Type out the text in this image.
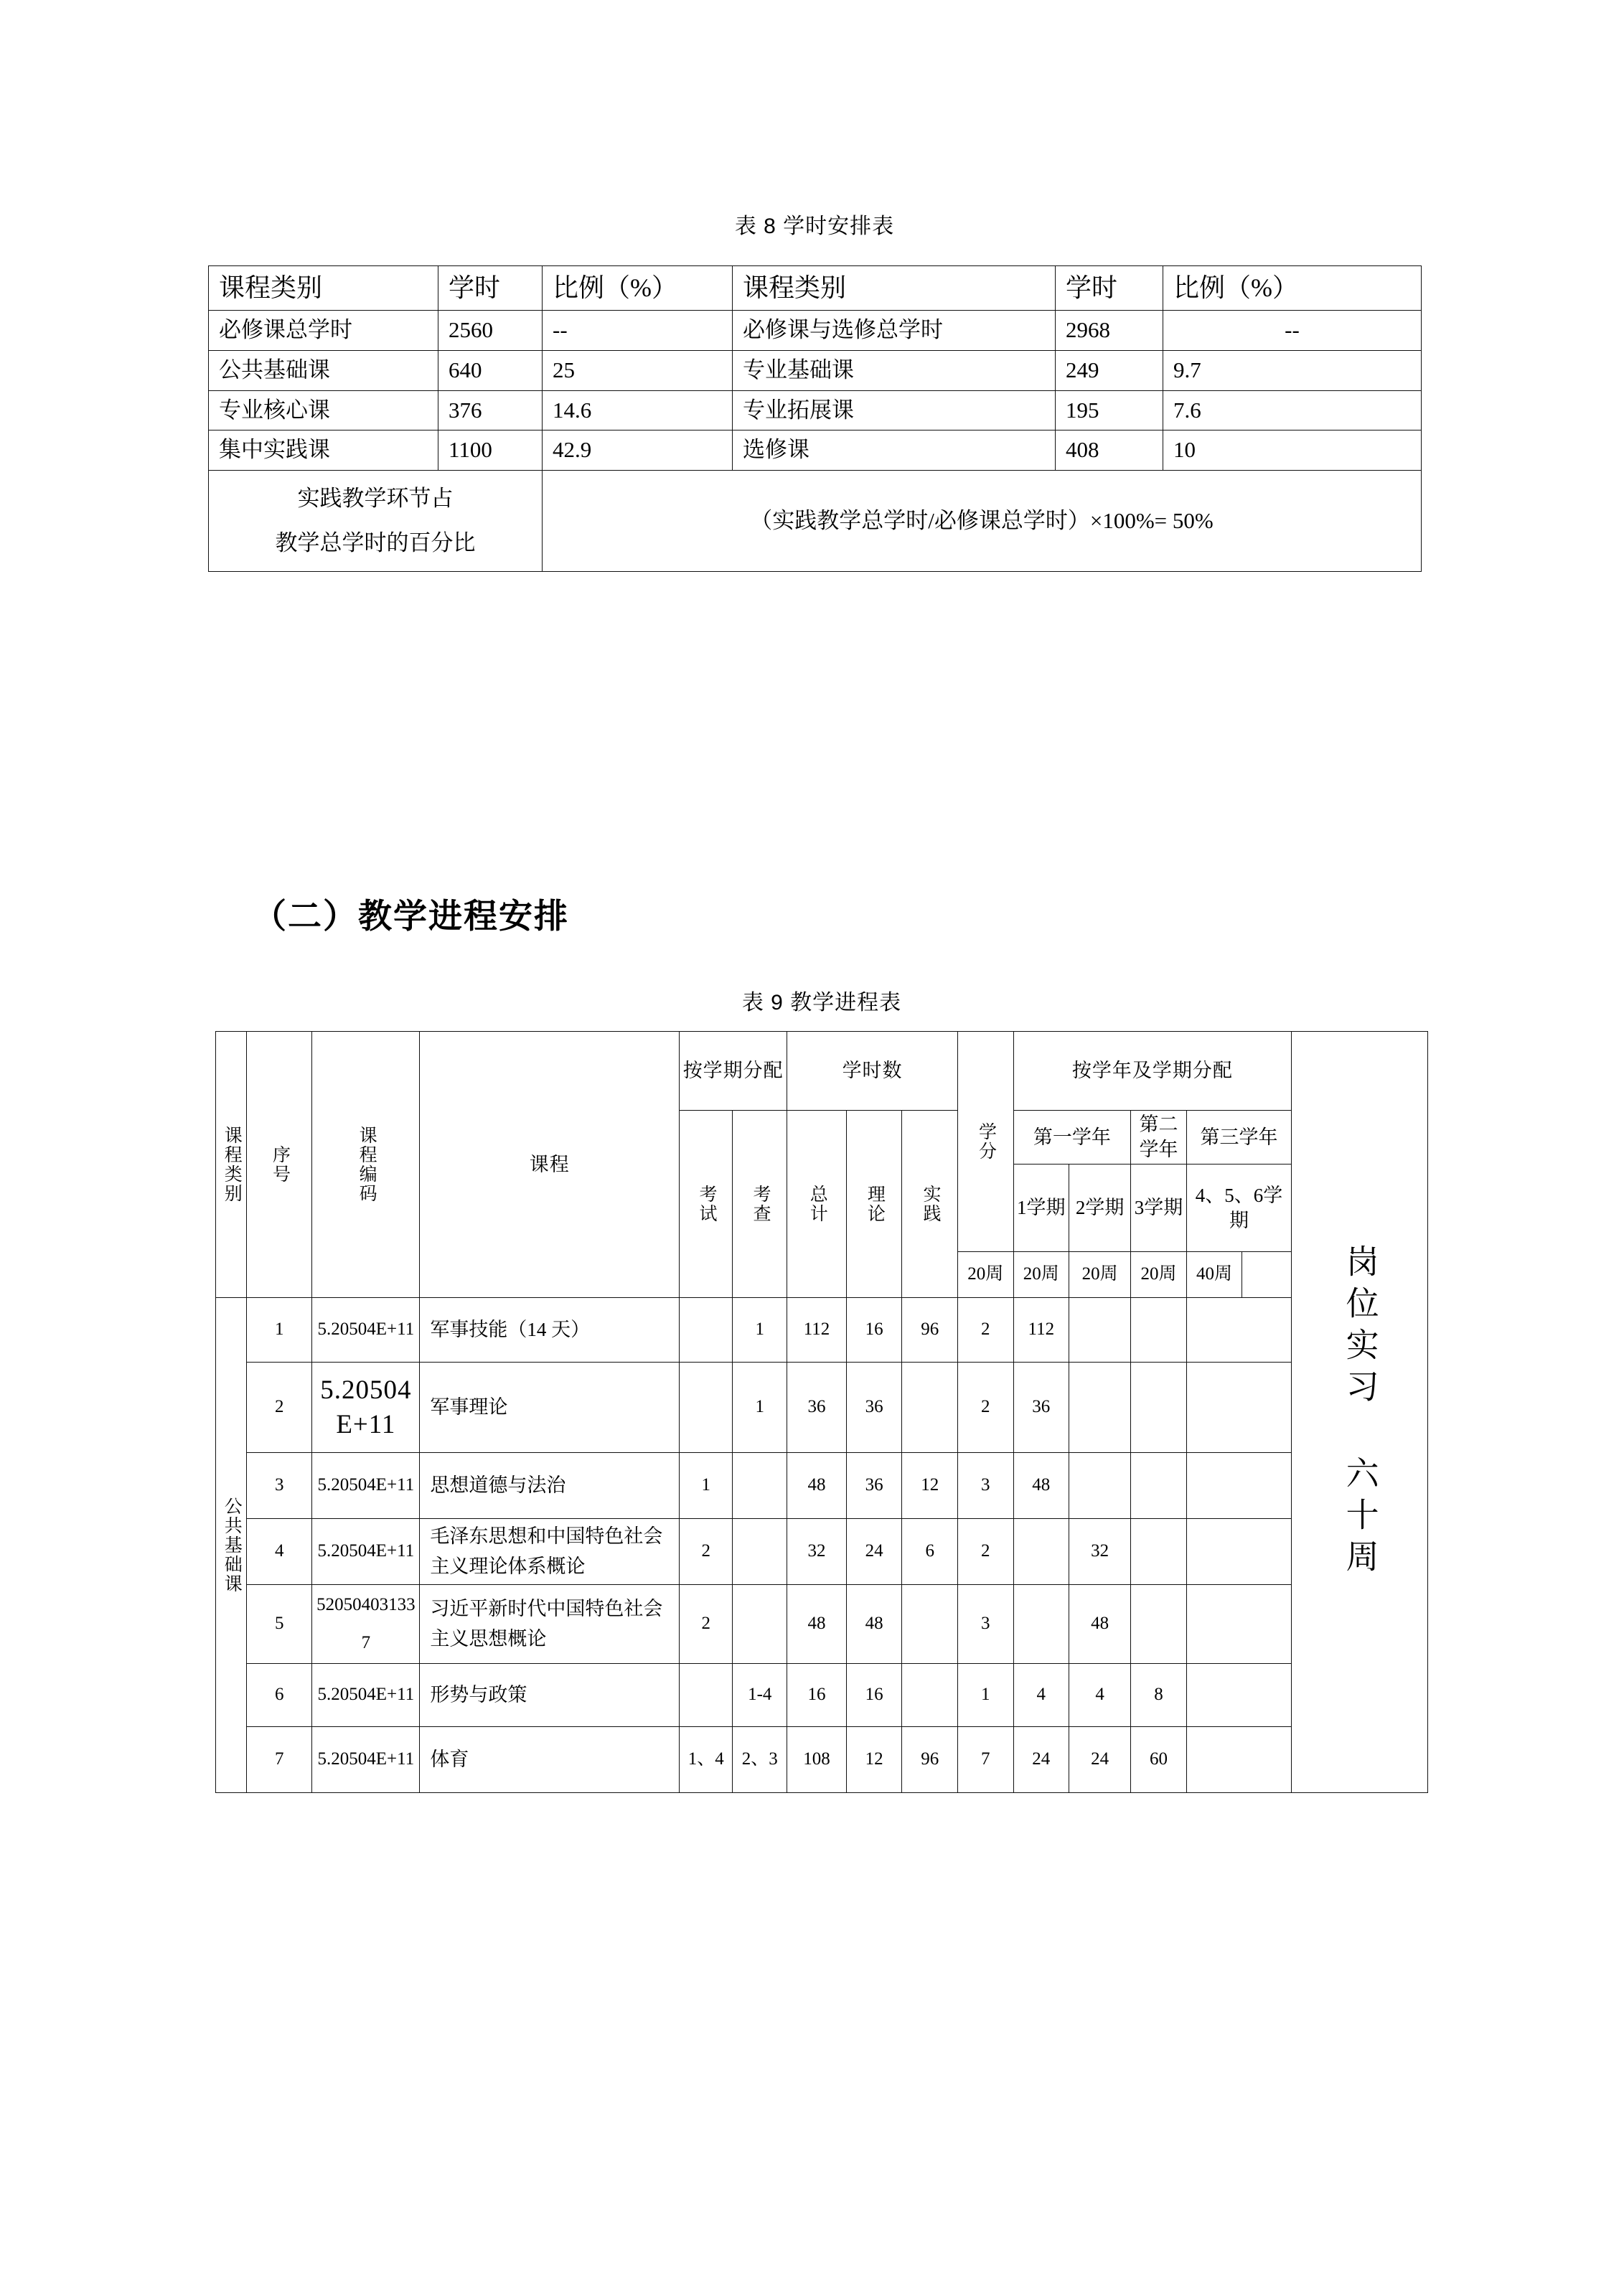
表 8 学时安排表
课程类别	学时	比例（%）	课程类别	学时	比例（%）
必修课总学时	2560	--	必修课与选修总学时	2968	--
公共基础课	640	25	专业基础课	249	9.7
专业核心课	376	14.6	专业拓展课	195	7.6
集中实践课	1100	42.9	选修课	408	10

实践教学环节占
教学总学时的百分比		（实践教学总学时/必修课总学时）×100%= 50%			
（二）教学进程安排
表 9 教学进程表
课程类别	序号	课程编码	课程	按学期分配		学时数			学分	按学年及学期分配				岗位实习 六十周

				考试	考查	总计	理论	实践		第一学年		第二学年	第三学年	
										1学期	2学期	3学期	4、5、6学期	
									20周	20周	20周	20周	40周	

公共基础课	1	5.20504E+11	军事技能（14 天）		1	112	16	96	2	112				
	2	5.20504E+11	军事理论		1	36	36		2	36				
	3	5.20504E+11	思想道德与法治	1		48	36	12	3	48				
	4	5.20504E+11	毛泽东思想和中国特色社会主义理论体系概论	2		32	24	6	2		32			
	5	520504031337	习近平新时代中国特色社会主义思想概论	2		48	48		3		48			
	6	5.20504E+11	形势与政策		1-4	16	16		1	4	4	8		
	7	5.20504E+11	体育	1、4	2、3	108	12	96	7	24	24	60		
